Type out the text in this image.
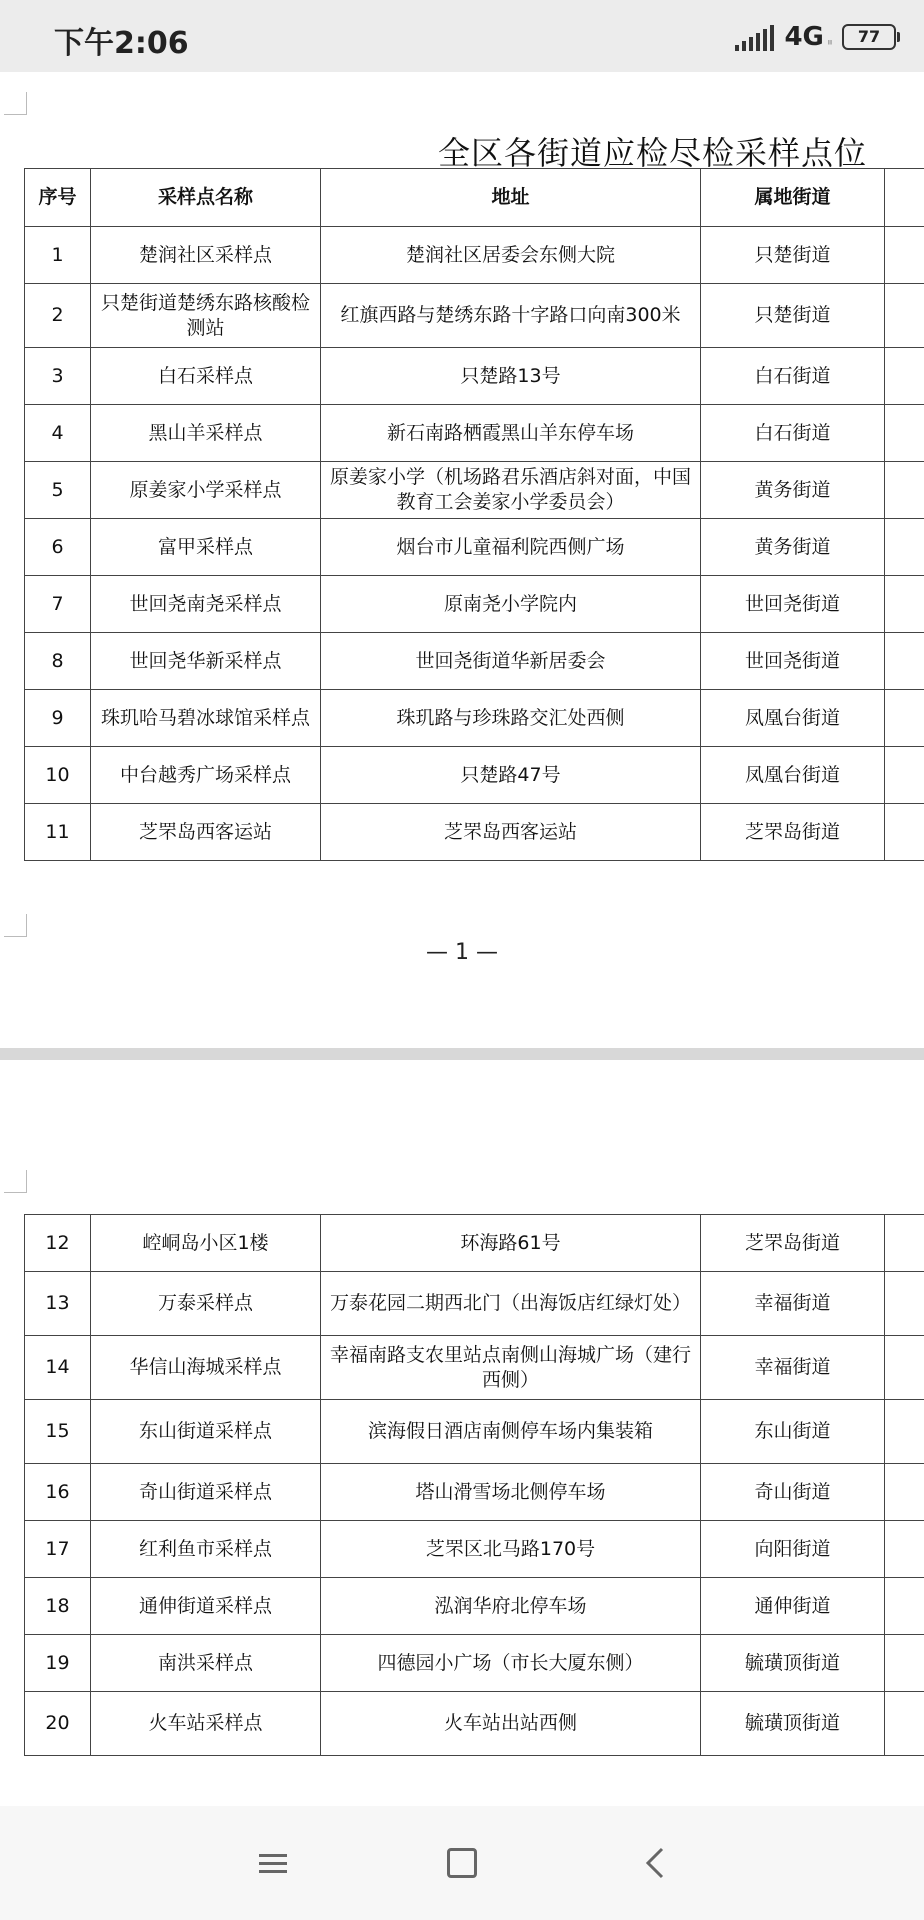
下午2:06	4G ᴵᴵ	77
全区各街道应检尽检采样点位
序号	采样点名称	地址	属地街道	
1	楚润社区采样点	楚润社区居委会东侧大院	只楚街道	
2	只楚街道楚绣东路核酸检测站	红旗西路与楚绣东路十字路口向南300米	只楚街道	
3	白石采样点	只楚路13号	白石街道	
4	黑山羊采样点	新石南路栖霞黑山羊东停车场	白石街道	
5	原姜家小学采样点	原姜家小学（机场路君乐酒店斜对面，中国教育工会姜家小学委员会）	黄务街道	
6	富甲采样点	烟台市儿童福利院西侧广场	黄务街道	
7	世回尧南尧采样点	原南尧小学院内	世回尧街道	
8	世回尧华新采样点	世回尧街道华新居委会	世回尧街道	
9	珠玑哈马碧冰球馆采样点	珠玑路与珍珠路交汇处西侧	凤凰台街道	
10	中台越秀广场采样点	只楚路47号	凤凰台街道	
11	芝罘岛西客运站	芝罘岛西客运站	芝罘岛街道	
— 1 —
12	崆峒岛小区1楼	环海路61号	芝罘岛街道	
13	万泰采样点	万泰花园二期西北门（出海饭店红绿灯处）	幸福街道	
14	华信山海城采样点	幸福南路支农里站点南侧山海城广场（建行西侧）	幸福街道	
15	东山街道采样点	滨海假日酒店南侧停车场内集装箱	东山街道	
16	奇山街道采样点	塔山滑雪场北侧停车场	奇山街道	
17	红利鱼市采样点	芝罘区北马路170号	向阳街道	
18	通伸街道采样点	泓润华府北停车场	通伸街道	
19	南洪采样点	四德园小广场（市长大厦东侧）	毓璜顶街道	
20	火车站采样点	火车站出站西侧	毓璜顶街道	
